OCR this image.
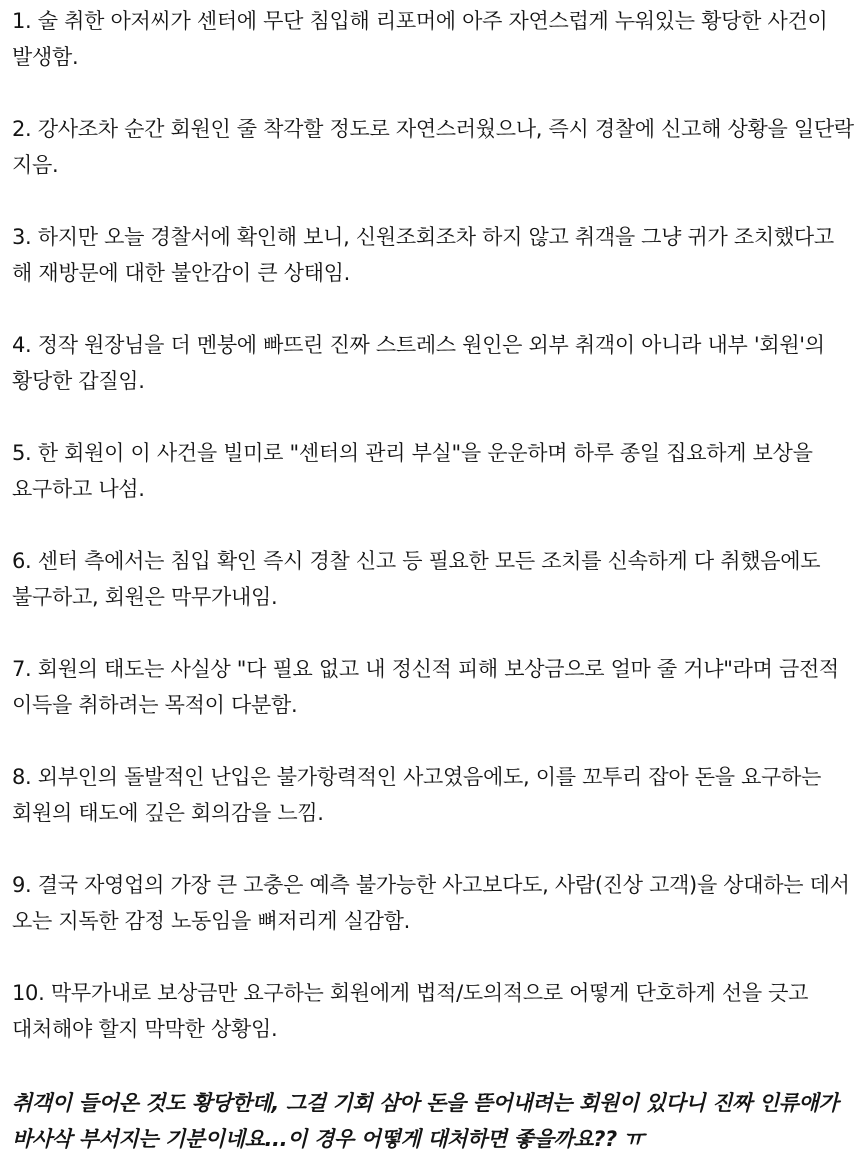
1. 술 취한 아저씨가 센터에 무단 침입해 리포머에 아주 자연스럽게 누워있는 황당한 사건이 발생함.

2. 강사조차 순간 회원인 줄 착각할 정도로 자연스러웠으나, 즉시 경찰에 신고해 상황을 일단락 지음.

3. 하지만 오늘 경찰서에 확인해 보니, 신원조회조차 하지 않고 취객을 그냥 귀가 조치했다고 해 재방문에 대한 불안감이 큰 상태임.

4. 정작 원장님을 더 멘붕에 빠뜨린 진짜 스트레스 원인은 외부 취객이 아니라 내부 '회원'의 황당한 갑질임.

5. 한 회원이 이 사건을 빌미로 "센터의 관리 부실"을 운운하며 하루 종일 집요하게 보상을 요구하고 나섬.

6. 센터 측에서는 침입 확인 즉시 경찰 신고 등 필요한 모든 조치를 신속하게 다 취했음에도 불구하고, 회원은 막무가내임.

7. 회원의 태도는 사실상 "다 필요 없고 내 정신적 피해 보상금으로 얼마 줄 거냐"라며 금전적 이득을 취하려는 목적이 다분함.

8. 외부인의 돌발적인 난입은 불가항력적인 사고였음에도, 이를 꼬투리 잡아 돈을 요구하는 회원의 태도에 깊은 회의감을 느낌.

9. 결국 자영업의 가장 큰 고충은 예측 불가능한 사고보다도, 사람(진상 고객)을 상대하는 데서 오는 지독한 감정 노동임을 뼈저리게 실감함.

10. 막무가내로 보상금만 요구하는 회원에게 법적/도의적으로 어떻게 단호하게 선을 긋고 대처해야 할지 막막한 상황임.

취객이 들어온 것도 황당한데, 그걸 기회 삼아 돈을 뜯어내려는 회원이 있다니 진짜 인류애가 바사삭 부서지는 기분이네요...이 경우 어떻게 대처하면 좋을까요?? ㅠ
